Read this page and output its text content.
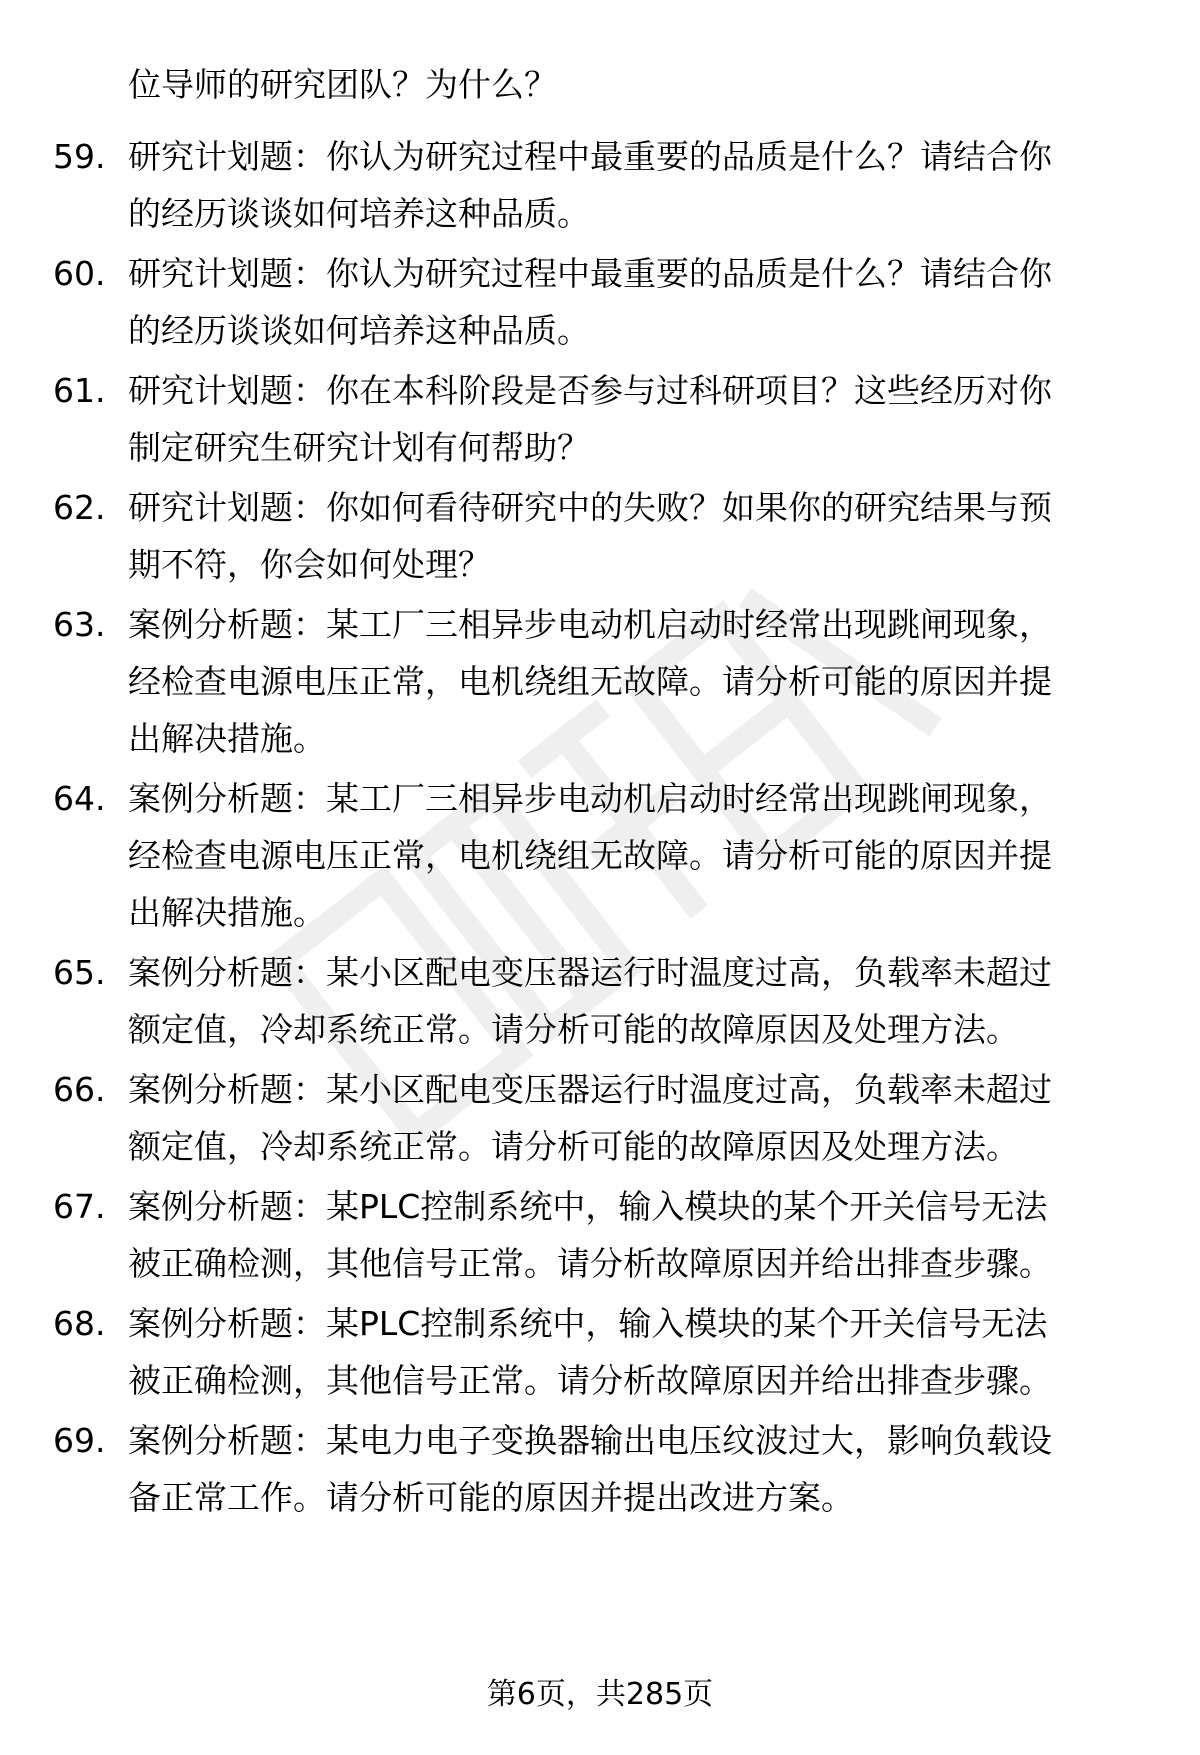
位导师的研究团队？为什么？
59. 研究计划题：你认为研究过程中最重要的品质是什么？请结合你
的经历谈谈如何培养这种品质。
60. 研究计划题：你认为研究过程中最重要的品质是什么？请结合你
的经历谈谈如何培养这种品质。
61. 研究计划题：你在本科阶段是否参与过科研项目？这些经历对你
制定研究生研究计划有何帮助？
62. 研究计划题：你如何看待研究中的失败？如果你的研究结果与预
期不符，你会如何处理？
63. 案例分析题：某工厂三相异步电动机启动时经常出现跳闸现象，
经检查电源电压正常，电机绕组无故障。请分析可能的原因并提
出解决措施。
64. 案例分析题：某工厂三相异步电动机启动时经常出现跳闸现象，
经检查电源电压正常，电机绕组无故障。请分析可能的原因并提
出解决措施。
65. 案例分析题：某小区配电变压器运行时温度过高，负载率未超过
额定值，冷却系统正常。请分析可能的故障原因及处理方法。
66. 案例分析题：某小区配电变压器运行时温度过高，负载率未超过
额定值，冷却系统正常。请分析可能的故障原因及处理方法。
67. 案例分析题：某PLC控制系统中，输入模块的某个开关信号无法
被正确检测，其他信号正常。请分析故障原因并给出排查步骤。
68. 案例分析题：某PLC控制系统中，输入模块的某个开关信号无法
被正确检测，其他信号正常。请分析故障原因并给出排查步骤。
69. 案例分析题：某电力电子变换器输出电压纹波过大，影响负载设
备正常工作。请分析可能的原因并提出改进方案。
第6页，共285页
